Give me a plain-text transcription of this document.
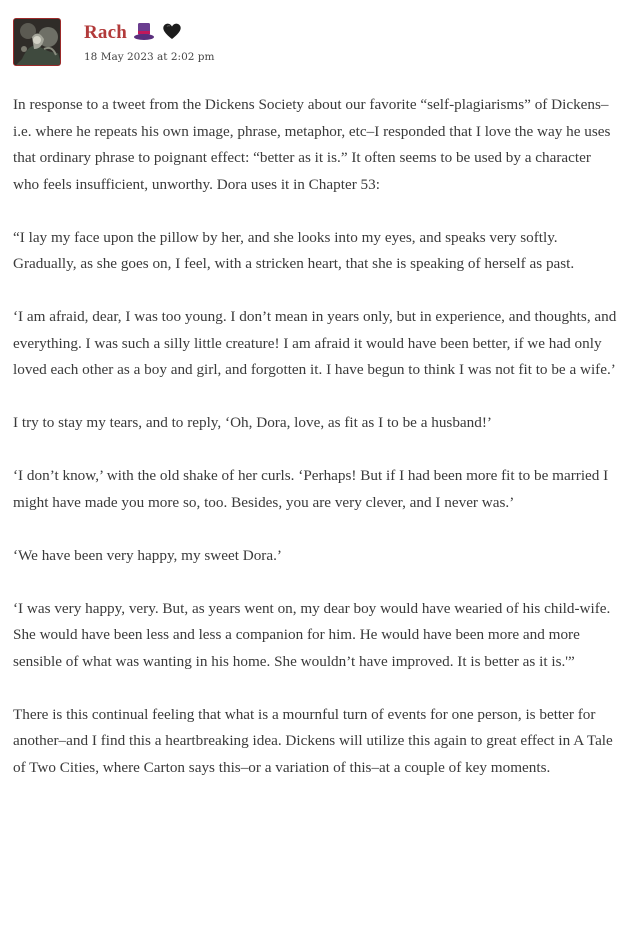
Rach
18 May 2023 at 2:02 pm

In response to a tweet from the Dickens Society about our favorite “self-plagiarisms” of Dickens–i.e. where he repeats his own image, phrase, metaphor, etc–I responded that I love the way he uses that ordinary phrase to poignant effect: “better as it is.” It often seems to be used by a character who feels insufficient, unworthy. Dora uses it in Chapter 53:

“I lay my face upon the pillow by her, and she looks into my eyes, and speaks very softly. Gradually, as she goes on, I feel, with a stricken heart, that she is speaking of herself as past.

‘I am afraid, dear, I was too young. I don’t mean in years only, but in experience, and thoughts, and everything. I was such a silly little creature! I am afraid it would have been better, if we had only loved each other as a boy and girl, and forgotten it. I have begun to think I was not fit to be a wife.’

I try to stay my tears, and to reply, ‘Oh, Dora, love, as fit as I to be a husband!’

‘I don’t know,’ with the old shake of her curls. ‘Perhaps! But if I had been more fit to be married I might have made you more so, too. Besides, you are very clever, and I never was.’

‘We have been very happy, my sweet Dora.’

‘I was very happy, very. But, as years went on, my dear boy would have wearied of his child-wife. She would have been less and less a companion for him. He would have been more and more sensible of what was wanting in his home. She wouldn’t have improved. It is better as it is.'”

There is this continual feeling that what is a mournful turn of events for one person, is better for another–and I find this a heartbreaking idea. Dickens will utilize this again to great effect in A Tale of Two Cities, where Carton says this–or a variation of this–at a couple of key moments.
